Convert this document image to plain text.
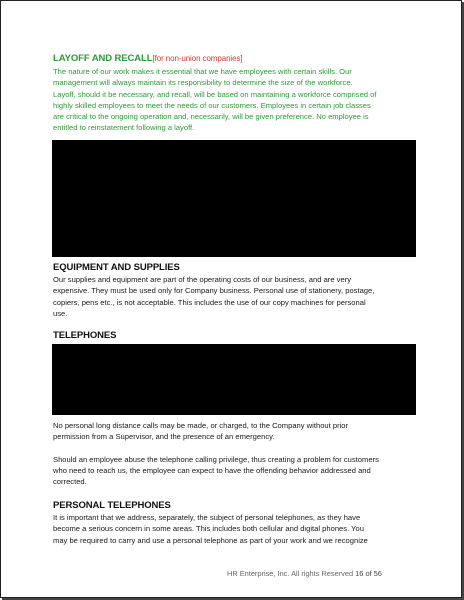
LAYOFF AND RECALL[for non-union companies]
The nature of our work makes it essential that we have employees with certain skills. Our
management will always maintain its responsibility to determine the size of the workforce.
Layoff, should it be necessary, and recall, will be based on maintaining a workforce comprised of
highly skilled employees to meet the needs of our customers. Employees in certain job classes
are critical to the ongoing operation and, necessarily, will be given preference. No employee is
entitled to reinstatement following a layoff.
EQUIPMENT AND SUPPLIES
Our supplies and equipment are part of the operating costs of our business, and are very
expensive. They must be used only for Company business. Personal use of stationery, postage,
copiers, pens etc., is not acceptable. This includes the use of our copy machines for personal
use.
TELEPHONES
No personal long distance calls may be made, or charged, to the Company without prior
permission from a Supervisor, and the presence of an emergency.
Should an employee abuse the telephone calling privilege, thus creating a problem for customers
who need to reach us, the employee can expect to have the offending behavior addressed and
corrected.
PERSONAL TELEPHONES
It is important that we address, separately, the subject of personal telephones, as they have
become a serious concern in some areas. This includes both cellular and digital phones. You
may be required to carry and use a personal telephone as part of your work and we recognize
HR Enterprise, Inc. All rights Reserved 16 of 56
